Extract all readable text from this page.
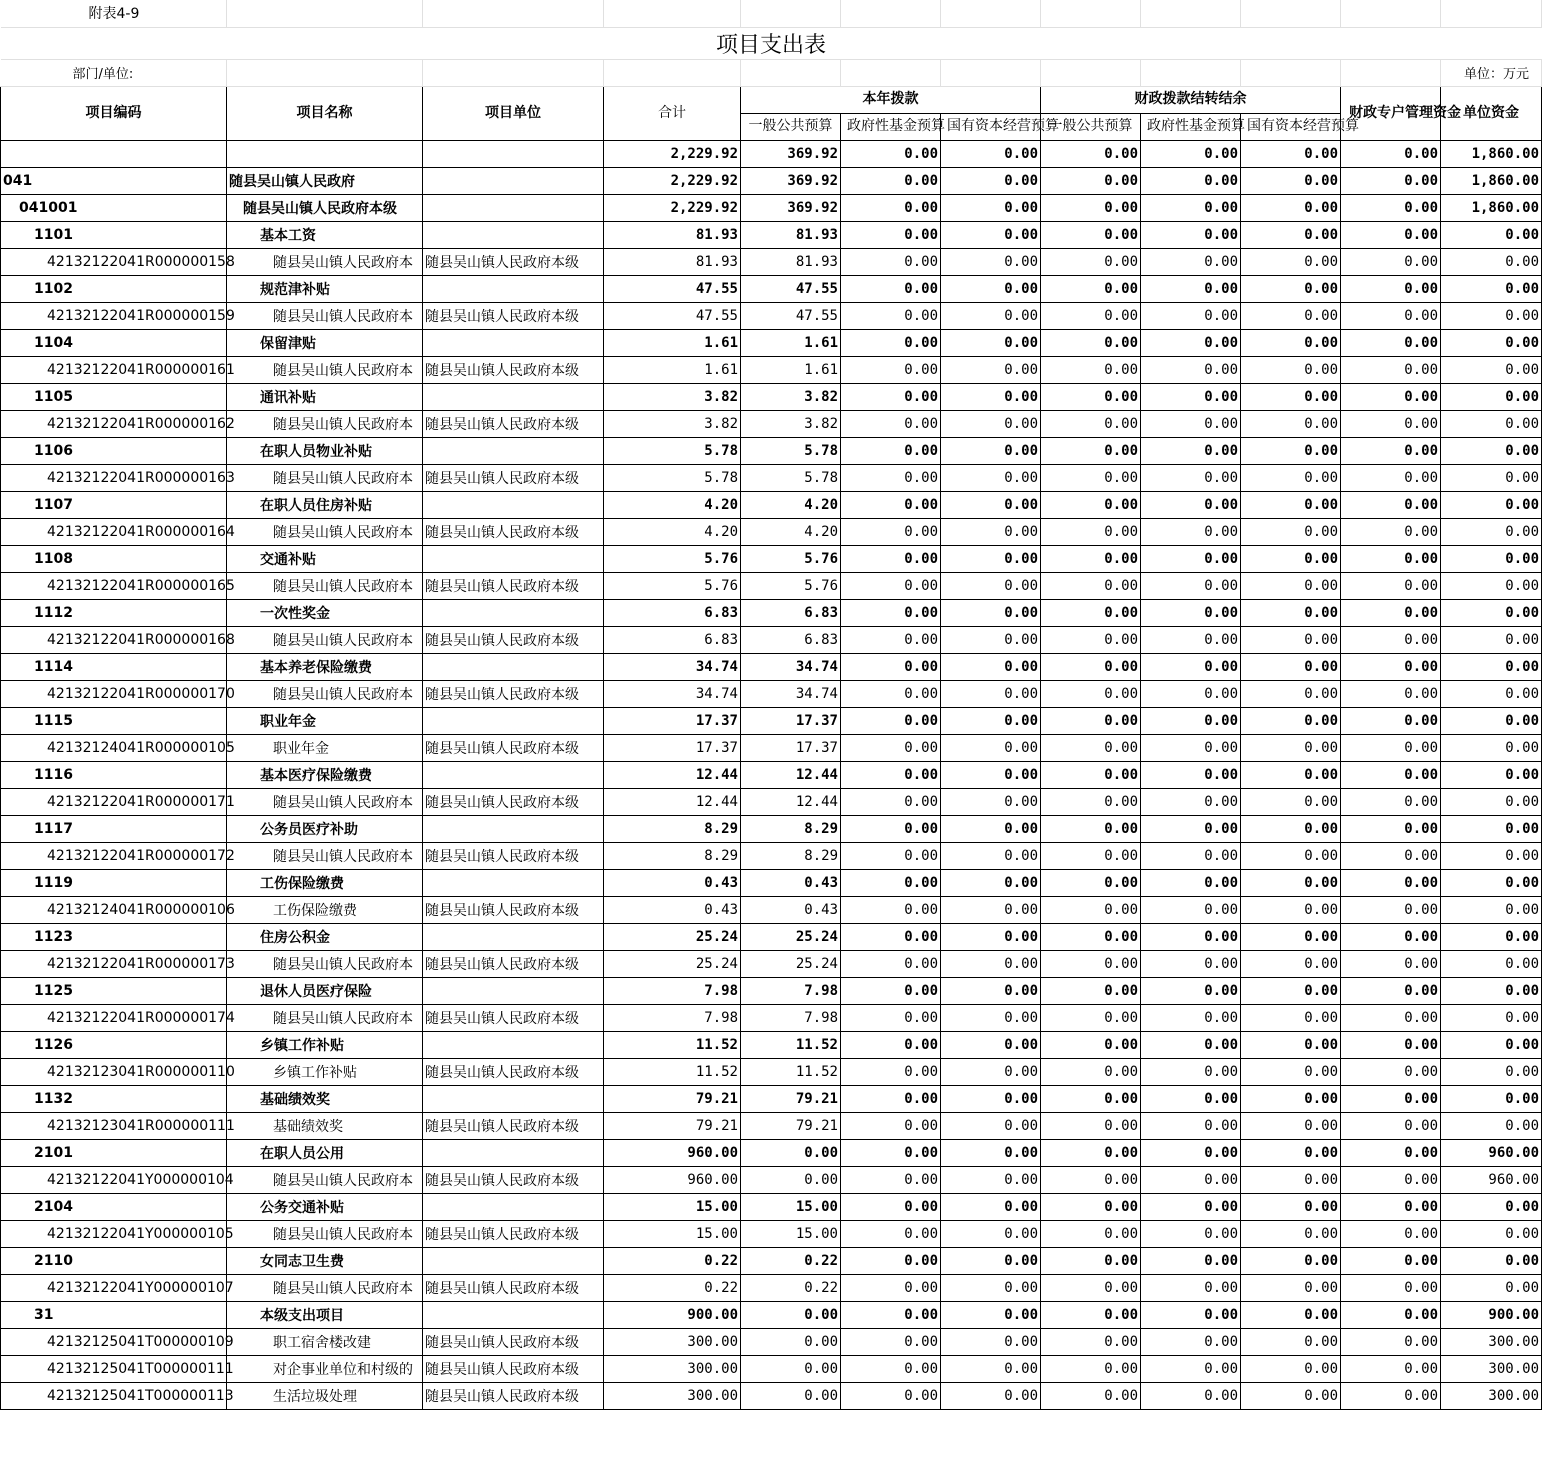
附表4-9											
项目支出表											
部门/单位:											单位：万元
项目编码	项目名称	项目单位	合计	本年拨款			财政拨款结转结余			财政专户管理资金	单位资金
				一般公共预算	政府性基金预算	国有资本经营预算	一般公共预算	政府性基金预算	国有资本经营预算		
			2,229.92	369.92	0.00	0.00	0.00	0.00	0.00	0.00	1,860.00
041	随县吴山镇人民政府		2,229.92	369.92	0.00	0.00	0.00	0.00	0.00	0.00	1,860.00
041001	随县吴山镇人民政府本级		2,229.92	369.92	0.00	0.00	0.00	0.00	0.00	0.00	1,860.00
1101	基本工资		81.93	81.93	0.00	0.00	0.00	0.00	0.00	0.00	0.00
42132122041R000000158	随县吴山镇人民政府本	随县吴山镇人民政府本级	81.93	81.93	0.00	0.00	0.00	0.00	0.00	0.00	0.00
1102	规范津补贴		47.55	47.55	0.00	0.00	0.00	0.00	0.00	0.00	0.00
42132122041R000000159	随县吴山镇人民政府本	随县吴山镇人民政府本级	47.55	47.55	0.00	0.00	0.00	0.00	0.00	0.00	0.00
1104	保留津贴		1.61	1.61	0.00	0.00	0.00	0.00	0.00	0.00	0.00
42132122041R000000161	随县吴山镇人民政府本	随县吴山镇人民政府本级	1.61	1.61	0.00	0.00	0.00	0.00	0.00	0.00	0.00
1105	通讯补贴		3.82	3.82	0.00	0.00	0.00	0.00	0.00	0.00	0.00
42132122041R000000162	随县吴山镇人民政府本	随县吴山镇人民政府本级	3.82	3.82	0.00	0.00	0.00	0.00	0.00	0.00	0.00
1106	在职人员物业补贴		5.78	5.78	0.00	0.00	0.00	0.00	0.00	0.00	0.00
42132122041R000000163	随县吴山镇人民政府本	随县吴山镇人民政府本级	5.78	5.78	0.00	0.00	0.00	0.00	0.00	0.00	0.00
1107	在职人员住房补贴		4.20	4.20	0.00	0.00	0.00	0.00	0.00	0.00	0.00
42132122041R000000164	随县吴山镇人民政府本	随县吴山镇人民政府本级	4.20	4.20	0.00	0.00	0.00	0.00	0.00	0.00	0.00
1108	交通补贴		5.76	5.76	0.00	0.00	0.00	0.00	0.00	0.00	0.00
42132122041R000000165	随县吴山镇人民政府本	随县吴山镇人民政府本级	5.76	5.76	0.00	0.00	0.00	0.00	0.00	0.00	0.00
1112	一次性奖金		6.83	6.83	0.00	0.00	0.00	0.00	0.00	0.00	0.00
42132122041R000000168	随县吴山镇人民政府本	随县吴山镇人民政府本级	6.83	6.83	0.00	0.00	0.00	0.00	0.00	0.00	0.00
1114	基本养老保险缴费		34.74	34.74	0.00	0.00	0.00	0.00	0.00	0.00	0.00
42132122041R000000170	随县吴山镇人民政府本	随县吴山镇人民政府本级	34.74	34.74	0.00	0.00	0.00	0.00	0.00	0.00	0.00
1115	职业年金		17.37	17.37	0.00	0.00	0.00	0.00	0.00	0.00	0.00
42132124041R000000105	职业年金	随县吴山镇人民政府本级	17.37	17.37	0.00	0.00	0.00	0.00	0.00	0.00	0.00
1116	基本医疗保险缴费		12.44	12.44	0.00	0.00	0.00	0.00	0.00	0.00	0.00
42132122041R000000171	随县吴山镇人民政府本	随县吴山镇人民政府本级	12.44	12.44	0.00	0.00	0.00	0.00	0.00	0.00	0.00
1117	公务员医疗补助		8.29	8.29	0.00	0.00	0.00	0.00	0.00	0.00	0.00
42132122041R000000172	随县吴山镇人民政府本	随县吴山镇人民政府本级	8.29	8.29	0.00	0.00	0.00	0.00	0.00	0.00	0.00
1119	工伤保险缴费		0.43	0.43	0.00	0.00	0.00	0.00	0.00	0.00	0.00
42132124041R000000106	工伤保险缴费	随县吴山镇人民政府本级	0.43	0.43	0.00	0.00	0.00	0.00	0.00	0.00	0.00
1123	住房公积金		25.24	25.24	0.00	0.00	0.00	0.00	0.00	0.00	0.00
42132122041R000000173	随县吴山镇人民政府本	随县吴山镇人民政府本级	25.24	25.24	0.00	0.00	0.00	0.00	0.00	0.00	0.00
1125	退休人员医疗保险		7.98	7.98	0.00	0.00	0.00	0.00	0.00	0.00	0.00
42132122041R000000174	随县吴山镇人民政府本	随县吴山镇人民政府本级	7.98	7.98	0.00	0.00	0.00	0.00	0.00	0.00	0.00
1126	乡镇工作补贴		11.52	11.52	0.00	0.00	0.00	0.00	0.00	0.00	0.00
42132123041R000000110	乡镇工作补贴	随县吴山镇人民政府本级	11.52	11.52	0.00	0.00	0.00	0.00	0.00	0.00	0.00
1132	基础绩效奖		79.21	79.21	0.00	0.00	0.00	0.00	0.00	0.00	0.00
42132123041R000000111	基础绩效奖	随县吴山镇人民政府本级	79.21	79.21	0.00	0.00	0.00	0.00	0.00	0.00	0.00
2101	在职人员公用		960.00	0.00	0.00	0.00	0.00	0.00	0.00	0.00	960.00
42132122041Y000000104	随县吴山镇人民政府本	随县吴山镇人民政府本级	960.00	0.00	0.00	0.00	0.00	0.00	0.00	0.00	960.00
2104	公务交通补贴		15.00	15.00	0.00	0.00	0.00	0.00	0.00	0.00	0.00
42132122041Y000000105	随县吴山镇人民政府本	随县吴山镇人民政府本级	15.00	15.00	0.00	0.00	0.00	0.00	0.00	0.00	0.00
2110	女同志卫生费		0.22	0.22	0.00	0.00	0.00	0.00	0.00	0.00	0.00
42132122041Y000000107	随县吴山镇人民政府本	随县吴山镇人民政府本级	0.22	0.22	0.00	0.00	0.00	0.00	0.00	0.00	0.00
31	本级支出项目		900.00	0.00	0.00	0.00	0.00	0.00	0.00	0.00	900.00
42132125041T000000109	职工宿舍楼改建	随县吴山镇人民政府本级	300.00	0.00	0.00	0.00	0.00	0.00	0.00	0.00	300.00
42132125041T000000111	对企事业单位和村级的	随县吴山镇人民政府本级	300.00	0.00	0.00	0.00	0.00	0.00	0.00	0.00	300.00
42132125041T000000113	生活垃圾处理	随县吴山镇人民政府本级	300.00	0.00	0.00	0.00	0.00	0.00	0.00	0.00	300.00
